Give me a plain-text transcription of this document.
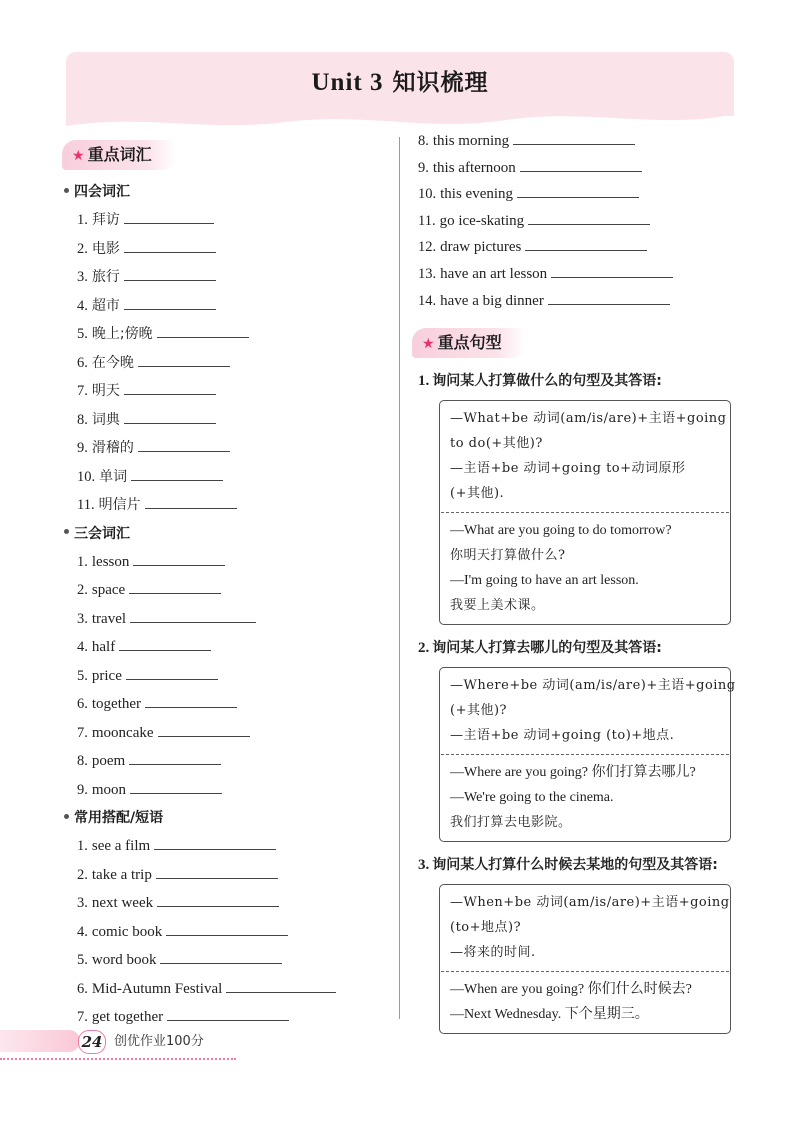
Unit 3 知识梳理
★ 重点词汇
四会词汇
1. 拜访
2. 电影
3. 旅行
4. 超市
5. 晚上;傍晚
6. 在今晚
7. 明天
8. 词典
9. 滑稽的
10. 单词
11. 明信片
三会词汇
1. lesson
2. space
3. travel
4. half
5. price
6. together
7. mooncake
8. poem
9. moon
常用搭配/短语
1. see a film
2. take a trip
3. next week
4. comic book
5. word book
6. Mid-Autumn Festival
7. get together
8. this morning
9. this afternoon
10. this evening
11. go ice-skating
12. draw pictures
13. have an art lesson
14. have a big dinner
★ 重点句型
1. 询问某人打算做什么的句型及其答语:
—What+be 动词(am/is/are)+主语+going
to do(+其他)?
—主语+be 动词+going to+动词原形
(+其他).
—What are you going to do tomorrow?
你明天打算做什么?
—I'm going to have an art lesson.
我要上美术课。
2. 询问某人打算去哪儿的句型及其答语:
—Where+be 动词(am/is/are)+主语+going
(+其他)?
—主语+be 动词+going (to)+地点.
—Where are you going? 你们打算去哪儿?
—We're going to the cinema.
我们打算去电影院。
3. 询问某人打算什么时候去某地的句型及其答语:
—When+be 动词(am/is/are)+主语+going
(to+地点)?
—将来的时间.
—When are you going? 你们什么时候去?
—Next Wednesday. 下个星期三。
24 创优作业100分
